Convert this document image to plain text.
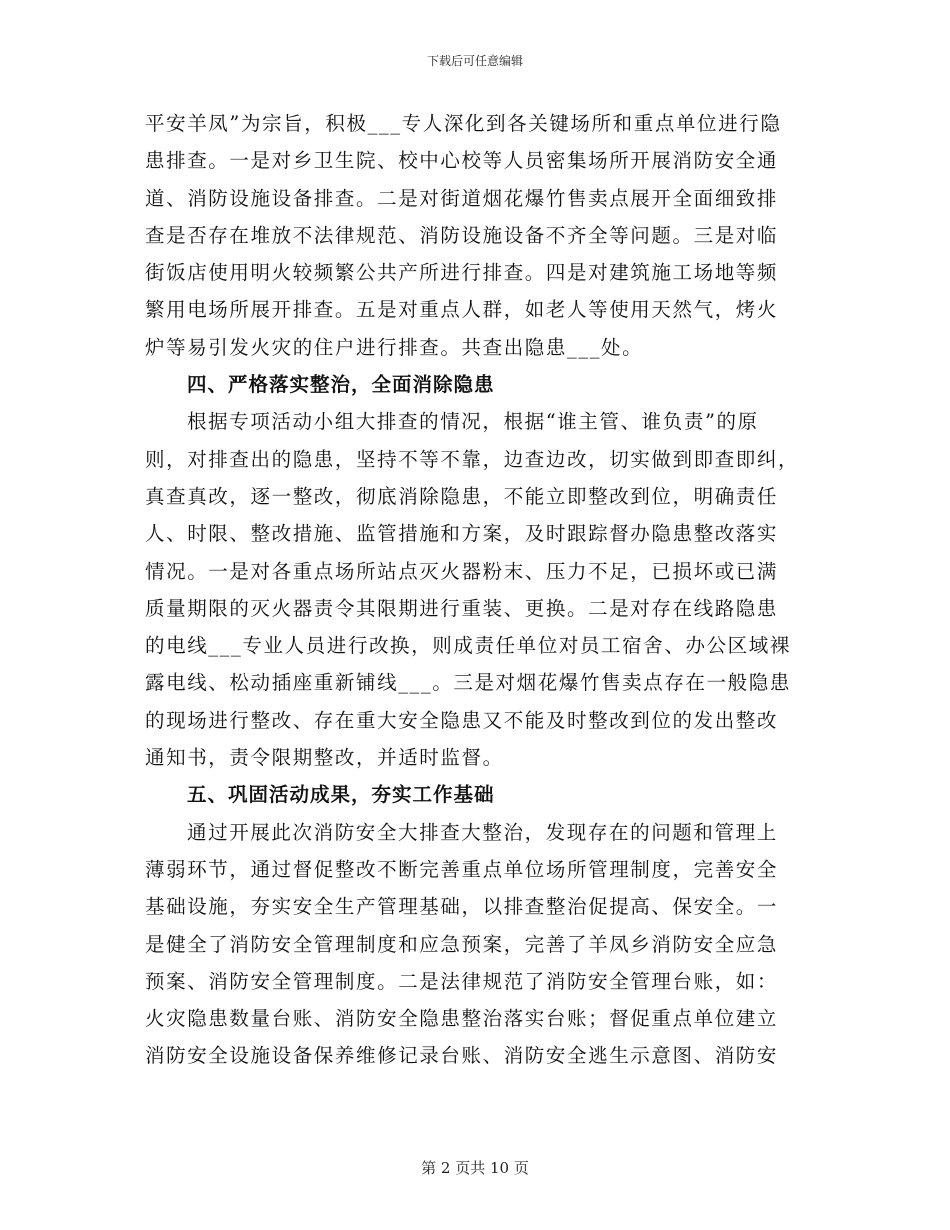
下载后可任意编辑
平安羊凤”为宗旨，积极___专人深化到各关键场所和重点单位进行隐
患排查。一是对乡卫生院、校中心校等人员密集场所开展消防安全通
道、消防设施设备排查。二是对街道烟花爆竹售卖点展开全面细致排
查是否存在堆放不法律规范、消防设施设备不齐全等问题。三是对临
街饭店使用明火较频繁公共产所进行排查。四是对建筑施工场地等频
繁用电场所展开排查。五是对重点人群，如老人等使用天然气，烤火
炉等易引发火灾的住户进行排查。共查出隐患___处。
四、严格落实整治，全面消除隐患
根据专项活动小组大排查的情况，根据“谁主管、谁负责”的原
则，对排查出的隐患，坚持不等不靠，边查边改，切实做到即查即纠，
真查真改，逐一整改，彻底消除隐患，不能立即整改到位，明确责任
人、时限、整改措施、监管措施和方案，及时跟踪督办隐患整改落实
情况。一是对各重点场所站点灭火器粉末、压力不足，已损坏或已满
质量期限的灭火器责令其限期进行重装、更换。二是对存在线路隐患
的电线___专业人员进行改换，则成责任单位对员工宿舍、办公区域裸
露电线、松动插座重新铺线___。三是对烟花爆竹售卖点存在一般隐患
的现场进行整改、存在重大安全隐患又不能及时整改到位的发出整改
通知书，责令限期整改，并适时监督。
五、巩固活动成果，夯实工作基础
通过开展此次消防安全大排查大整治，发现存在的问题和管理上
薄弱环节，通过督促整改不断完善重点单位场所管理制度，完善安全
基础设施，夯实安全生产管理基础，以排查整治促提高、保安全。一
是健全了消防安全管理制度和应急预案，完善了羊凤乡消防安全应急
预案、消防安全管理制度。二是法律规范了消防安全管理台账，如：
火灾隐患数量台账、消防安全隐患整治落实台账；督促重点单位建立
消防安全设施设备保养维修记录台账、消防安全逃生示意图、消防安
第 2 页共 10 页
